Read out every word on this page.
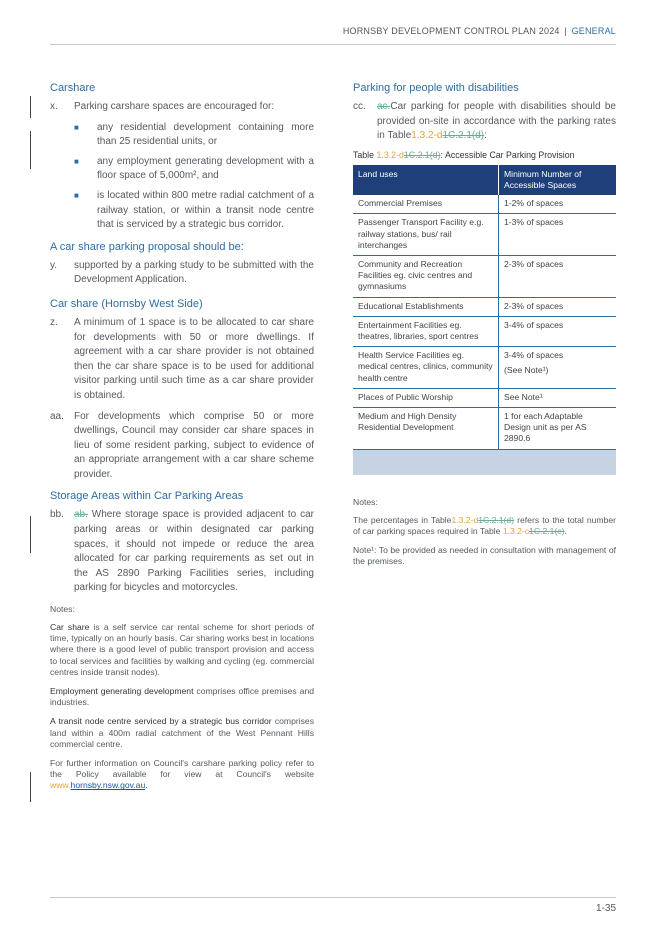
HORNSBY DEVELOPMENT CONTROL PLAN 2024 | GENERAL
Carshare
x.	Parking carshare spaces are encouraged for:
■	any residential development containing more than 25 residential units, or
■	any employment generating development with a floor space of 5,000m², and
■	is located within 800 metre radial catchment of a railway station, or within a transit node centre that is serviced by a strategic bus corridor.
A car share parking proposal should be:
y.	supported by a parking study to be submitted with the Development Application.
Car share (Hornsby West Side)
z.	A minimum of 1 space is to be allocated to car share for developments with 50 or more dwellings. If agreement with a car share provider is not obtained then the car share space is to be used for additional visitor parking until such time as a car share provider is obtained.
aa.	For developments which comprise 50 or more dwellings, Council may consider car share spaces in lieu of some resident parking, subject to evidence of an appropriate arrangement with a car share scheme provider.
Storage Areas within Car Parking Areas
bb.	ab. Where storage space is provided adjacent to car parking areas or within designated car parking spaces, it should not impede or reduce the area allocated for car parking requirements as set out in the AS 2890 Parking Facilities series, including parking for bicycles and motorcycles.
Notes:
Car share is a self service car rental scheme for short periods of time, typically on an hourly basis. Car sharing works best in locations where there is a good level of public transport provision and access to local services and facilities by walking and cycling (eg. commercial centres inside transit nodes).
Employment generating development comprises office premises and industries.
A transit node centre serviced by a strategic bus corridor comprises land within a 400m radial catchment of the West Pennant Hills commercial centre.
For further information on Council's carshare parking policy refer to the Policy available for view at Council's website www.hornsby.nsw.gov.au.
Parking for people with disabilities
cc.	ac.Car parking for people with disabilities should be provided on-site in accordance with the parking rates in Table1.3.2-d1C.2.1(d):
Table 1.3.2-d1C.2.1(d): Accessible Car Parking Provision
Land uses	Minimum Number of Accessible Spaces
Commercial Premises	1-2% of spaces
Passenger Transport Facility e.g. railway stations, bus/ rail interchanges	1-3% of spaces
Community and Recreation Facilities eg. civic centres and gymnasiums	2-3% of spaces
Educational Establishments	2-3% of spaces
Entertainment Facilities eg. theatres, libraries, sport centres	3-4% of spaces
Health Service Facilities eg. medical centres, clinics, community health centre	3-4% of spaces
(See Note¹)

Places of Public Worship	See Note¹
Medium and High Density Residential Development	1 for each Adaptable Design unit as per AS 2890.6

Notes:
The percentages in Table1.3.2-d1C.2.1(d) refers to the total number of car parking spaces required in Table 1.3.2-c1C.2.1(c).
Note¹: To be provided as needed in consultation with management of the premises.
1-35
